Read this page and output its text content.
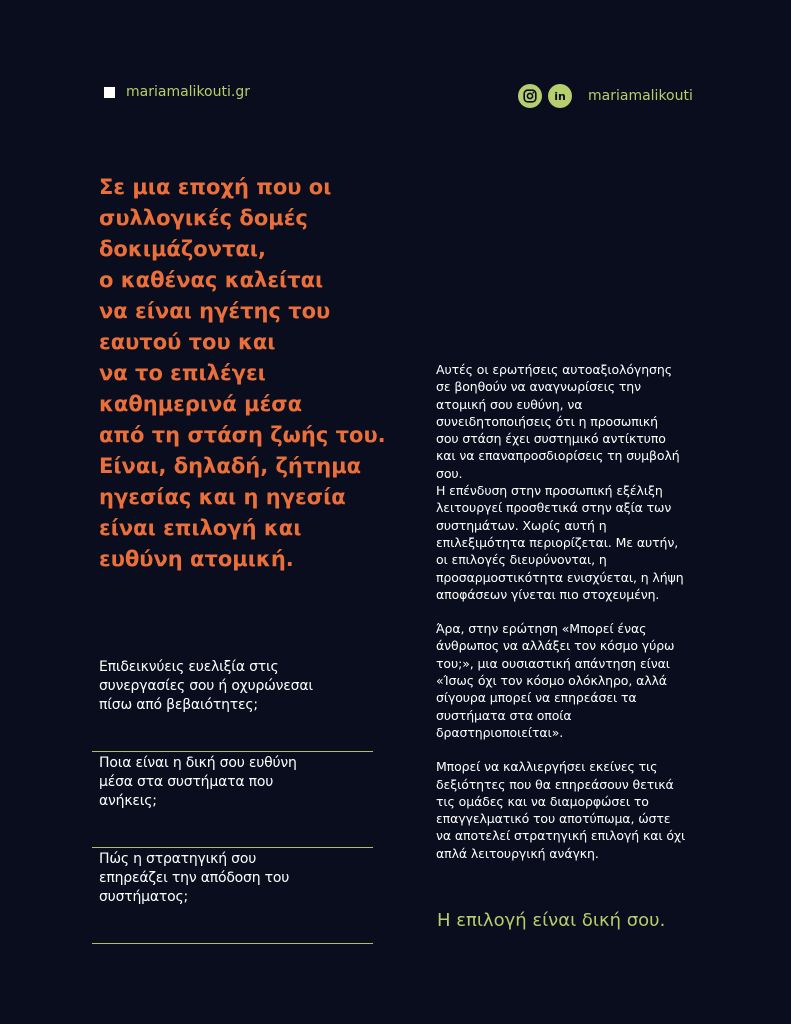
mariamalikouti.gr	in	mariamalikouti
Σε μια εποχή που οι
συλλογικές δομές
δοκιμάζονται,
ο καθένας καλείται
να είναι ηγέτης του
εαυτού του και
να το επιλέγει
καθημερινά μέσα
από τη στάση ζωής του.
Είναι, δηλαδή, ζήτημα
ηγεσίας και η ηγεσία
είναι επιλογή και
ευθύνη ατομική.

Επιδεικνύεις ευελιξία στις
συνεργασίες σου ή οχυρώνεσαι
πίσω από βεβαιότητες;

Ποια είναι η δική σου ευθύνη
μέσα στα συστήματα που
ανήκεις;

Πώς η στρατηγική σου
επηρεάζει την απόδοση του
συστήματος;

Αυτές οι ερωτήσεις αυτοαξιολόγησης
σε βοηθούν να αναγνωρίσεις την
ατομική σου ευθύνη, να
συνειδητοποιήσεις ότι η προσωπική
σου στάση έχει συστημικό αντίκτυπο
και να επαναπροσδιορίσεις τη συμβολή
σου.

Η επένδυση στην προσωπική εξέλιξη
λειτουργεί προσθετικά στην αξία των
συστημάτων. Χωρίς αυτή η
επιλεξιμότητα περιορίζεται. Με αυτήν,
οι επιλογές διευρύνονται, η
προσαρμοστικότητα ενισχύεται, η λήψη
αποφάσεων γίνεται πιο στοχευμένη.

Άρα, στην ερώτηση «Μπορεί ένας
άνθρωπος να αλλάξει τον κόσμο γύρω
του;», μια ουσιαστική απάντηση είναι
«Ίσως όχι τον κόσμο ολόκληρο, αλλά
σίγουρα μπορεί να επηρεάσει τα
συστήματα στα οποία
δραστηριοποιείται».

Μπορεί να καλλιεργήσει εκείνες τις
δεξιότητες που θα επηρεάσουν θετικά
τις ομάδες και να διαμορφώσει το
επαγγελματικό του αποτύπωμα, ώστε
να αποτελεί στρατηγική επιλογή και όχι
απλά λειτουργική ανάγκη.

Η επιλογή είναι δική σου.
